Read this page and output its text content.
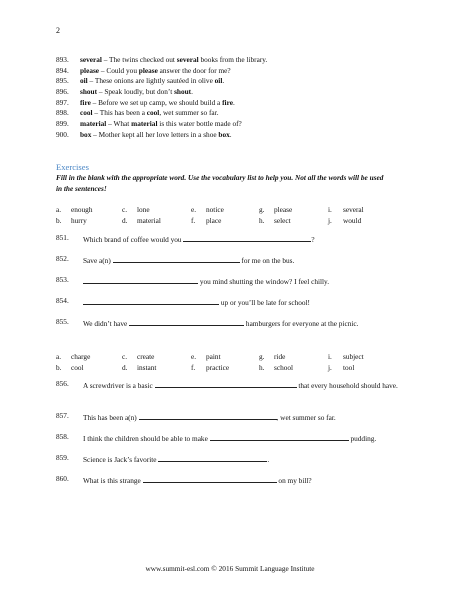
2
893. several – The twins checked out several books from the library.
894. please – Could you please answer the door for me?
895. oil – These onions are lightly sautéed in olive oil.
896. shout – Speak loudly, but don’t shout.
897. fire – Before we set up camp, we should build a fire.
898. cool – This has been a cool, wet summer so far.
899. material – What material is this water bottle made of?
900. box – Mother kept all her love letters in a shoe box.
Exercises
Fill in the blank with the appropriate word. Use the vocabulary list to help you. Not all the words will be used in the sentences!
a. enough	c. lone	e. notice	g. please	i. several
b. hurry	d. material	f. place	h. select	j. would
851. Which brand of coffee would you	?
852. Save a(n)	for me on the bus.
853.	you mind shutting the window? I feel chilly.
854.	up or you’ll be late for school!
855. We didn’t have	hamburgers for everyone at the picnic.
a. charge	c. create	e. paint	g. ride	i. subject
b. cool	d. instant	f. practice	h. school	j. tool
856. A screwdriver is a basic	that every household should have.
857. This has been a(n)	, wet summer so far.
858. I think the children should be able to make	pudding.
859. Science is Jack’s favorite	.
860. What is this strange	on my bill?
www.summit-esl.com © 2016 Summit Language Institute
